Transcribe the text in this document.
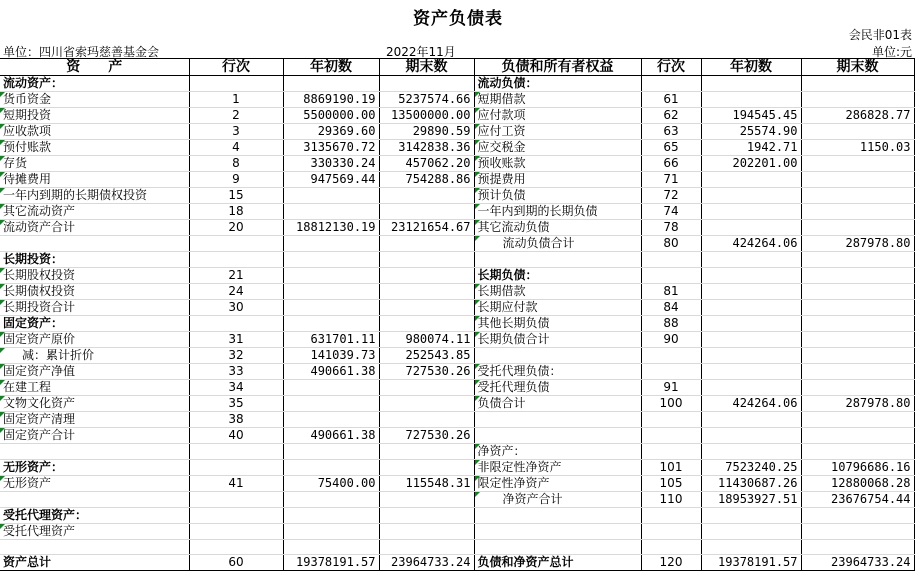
资产负债表
会民非01表
单位：四川省索玛慈善基金会	2022年11月	单位:元
资　　产	行次	年初数	期末数	负债和所有者权益	行次	年初数	期末数
流动资产：				流动负债：			
货币资金	1	8869190.19	5237574.66	短期借款	61		
短期投资	2	5500000.00	13500000.00	应付款项	62	194545.45	286828.77
应收款项	3	29369.60	29890.59	应付工资	63	25574.90	
预付账款	4	3135670.72	3142838.36	应交税金	65	1942.71	1150.03
存货	8	330330.24	457062.20	预收账款	66	202201.00	
待摊费用	9	947569.44	754288.86	预提费用	71		
一年内到期的长期债权投资	15			预计负债	72		
其它流动资产	18			一年内到期的长期负债	74		
流动资产合计	20	18812130.19	23121654.67	其它流动负债	78		
				流动负债合计	80	424264.06	287978.80
长期投资：							
长期股权投资	21			长期负债：			
长期债权投资	24			长期借款	81		
长期投资合计	30			长期应付款	84		
固定资产：				其他长期负债	88		
固定资产原价	31	631701.11	980074.11	长期负债合计	90		
减：累计折价	32	141039.73	252543.85				
固定资产净值	33	490661.38	727530.26	受托代理负债：			
在建工程	34			受托代理负债	91		
文物文化资产	35			负债合计	100	424264.06	287978.80
固定资产清理	38						
固定资产合计	40	490661.38	727530.26				
				净资产：			
无形资产：				非限定性净资产	101	7523240.25	10796686.16
无形资产	41	75400.00	115548.31	限定性净资产	105	11430687.26	12880068.28
				净资产合计	110	18953927.51	23676754.44
受托代理资产：							
受托代理资产							

资产总计	60	19378191.57	23964733.24	负债和净资产总计	120	19378191.57	23964733.24
